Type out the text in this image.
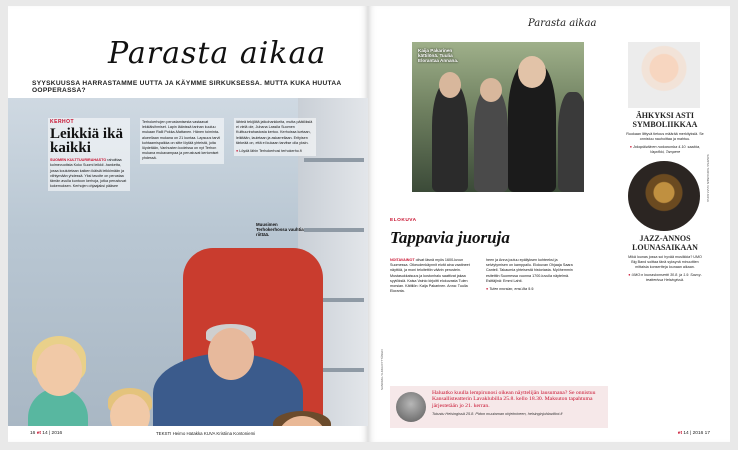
Parasta aikaa
SYYSKUUSSA HARRASTAMME UUTTA JA KÄYMME SIRKUKSESSA. MUTTA KUKA HUUTAA OOPPERASSA?
KERHOT
Leikkiä ikä kaikki
SUOMEN KULTTUURIRAHASTO rahoittaa kolmevuotista Koko Suomi leikkii -hanketta, jossa koulutetaan kaiken ikäisiä leikkimään ja viihtymään yhdessä. Yksi tavoite on perustaa tämän avulla kuntoon kerhoja, jotka perustuvat kokemuksen. Kerhojen ohjaajaksi pääsee
Terhokerhojen perustamisesta vastaavat lekkiäisihmiset. Lapin läänissä tarinan kuuluu mukaan Ralli Pokka-Mattanen. Hänen toiminta-alueellaan mukana on 21 kuntaa. Lapsuus tarvii kohtaamispaikka on sitte löytää yhteistä, joita löydetään, Vanhusten kodeissa on nyt Terhon mukana mukavampaa ja perustuvat kertomiset yhdessä.
lähteä tekijöitä jatkohankkeita, mutta päätöksiä ei vielä ole, Juhana Lassila Suomen Kulttuurirahastosta kertoo. Kerhoissa luetaan, leikitään, lauletaan ja askarrellaan. Erityisen tärkeää on, että ei kukaan tarvitse olla yksin.
● Löydä lähin Terhokerhosi terhokerho.fi
Muusimen Terhokerhossa vauhtia riittää.
16 et 14 | 2016	TEKSTI Heimo Hatakka KUVA Kristiina Kontoniemi
Parasta aikaa
Kaija Pakarinen kättilönä. Tuulia Elorantaa Annana.
ELOKUVA
Tappavia juoruja
NOITAVAINOT olivat läsnä myös 1600-luvun Suomessa. Oikeudenkäynnit eivät aina vaatineet näyttöä, ja moni teloitettiin väärin perustein. Mustasukkaisuus ja kostonhalu saattivat jakaa syytöksiä. Kaisa Vainio kirjoitti elokuvasta Tulen morsian. Kättilön: Kaija Pakarinen. Anna: Tuulia Eloranta.
heen ja Anna joutuu epäilyksen kohteeksi ja selviytymisen on kamppailu. Elokuvan Ohjaaja Saara Cantell. Takaumia yhteisestä historiasta. Myöhemmin esitettiin Suomessa vuonna 1700-luvulla näytelmä. Esittäjinä: Emmi Lahti.
● Tulen morsian, ensi-ilta 9.9.
Haluatko kuulla lempirunosi oikean näyttelijän lausumana? Se onnistuu Kansallisteatterin Lavaklubilla 25.8. kello 18.30. Maksuton tapahtuma järjestetään jo 21. kerran.
Tutustu Helsingissä 25.8. Pidon muutaman ohjelmineen, helsinginjuhlaviikot.fi
SANOMA / ILKKA KYTTÄNEN
ÄHKYKSI ASTI SYMBOLIIKKAA
Ruokaan liittyvä tietous määrää merkityksiä. Se onnistuu nauhoittaa ja mahtuu.
● Jokapäiväinen ruokarumba 4.10. saakka, Vapriikki, Tampere
JAZZ-ANNOS LOUNASAIKAAN
Mikä lounas jossa soi hyvää musiikkia? UMO Big Band soittaa tänä syksynä minuuttien mittaisia konsertteja lounaan aikaan.
● UMO:n lounaskonsertti 30.8. ja 1.9. Savoy-teatterissa Helsingissä.
SAMPSA TARVAINEN / EVIA KUVA
et 14 | 2016 17
